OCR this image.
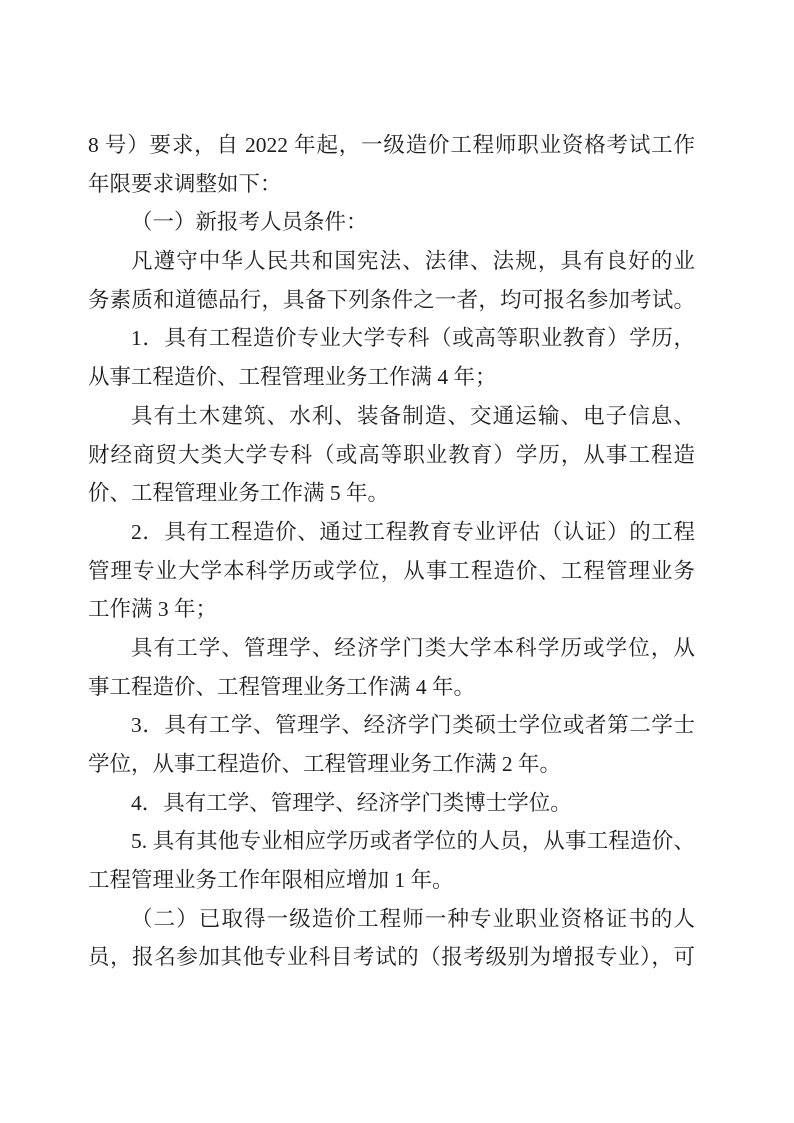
8 号）要求，自 2022 年起，一级造价工程师职业资格考试工作
年限要求调整如下：
（一）新报考人员条件：
凡遵守中华人民共和国宪法、法律、法规，具有良好的业
务素质和道德品行，具备下列条件之一者，均可报名参加考试。
1．具有工程造价专业大学专科（或高等职业教育）学历，
从事工程造价、工程管理业务工作满 4 年；
具有土木建筑、水利、装备制造、交通运输、电子信息、
财经商贸大类大学专科（或高等职业教育）学历，从事工程造
价、工程管理业务工作满 5 年。
2．具有工程造价、通过工程教育专业评估（认证）的工程
管理专业大学本科学历或学位，从事工程造价、工程管理业务
工作满 3 年；
具有工学、管理学、经济学门类大学本科学历或学位，从
事工程造价、工程管理业务工作满 4 年。
3．具有工学、管理学、经济学门类硕士学位或者第二学士
学位，从事工程造价、工程管理业务工作满 2 年。
4．具有工学、管理学、经济学门类博士学位。
5. 具有其他专业相应学历或者学位的人员，从事工程造价、
工程管理业务工作年限相应增加 1 年。
（二）已取得一级造价工程师一种专业职业资格证书的人
员，报名参加其他专业科目考试的（报考级别为增报专业），可
